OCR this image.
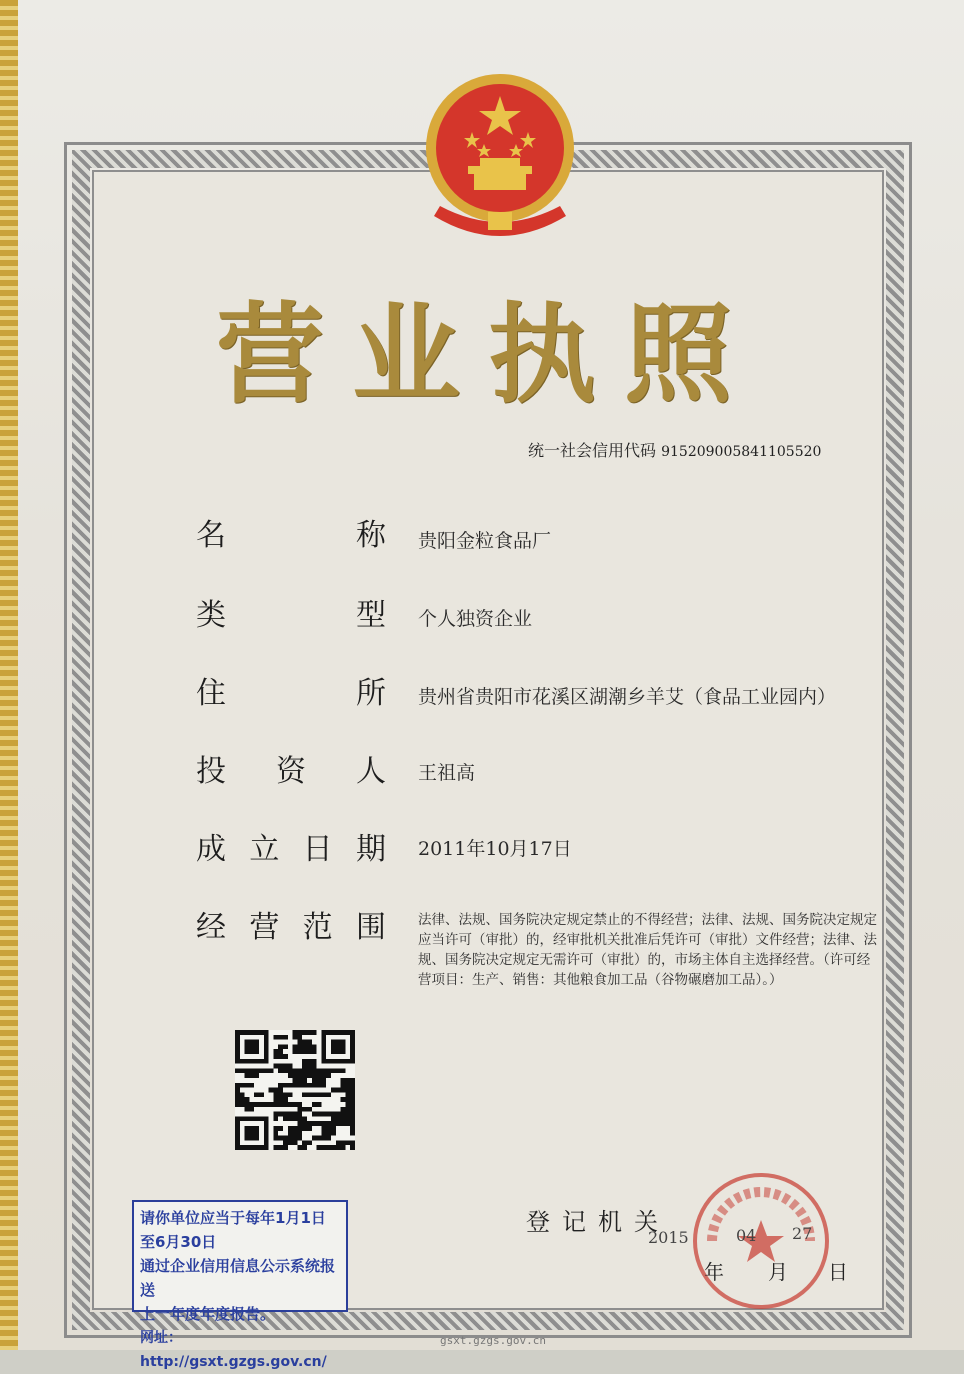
营业执照
统一社会信用代码 915209005841105520
名	称 贵阳金粒食品厂
类	型 个人独资企业
住	所 贵州省贵阳市花溪区湖潮乡羊艾（食品工业园内）
投 资 人 王祖高
成 立 日 期 2011年10月17日
经 营 范 围 法律、法规、国务院决定规定禁止的不得经营；法律、法规、国务院决定规定应当许可（审批）的，经审批机关批准后凭许可（审批）文件经营；法律、法规、国务院决定规定无需许可（审批）的，市场主体自主选择经营。（许可经营项目：生产、销售：其他粮食加工品（谷物碾磨加工品）。）
请你单位应当于每年1月1日至6月30日
通过企业信用信息公示系统报送
上一年度年度报告。
网址：http://gsxt.gzgs.gov.cn/
登记机关
2015	04 27
年 月 日
gsxt.gzgs.gov.cn
